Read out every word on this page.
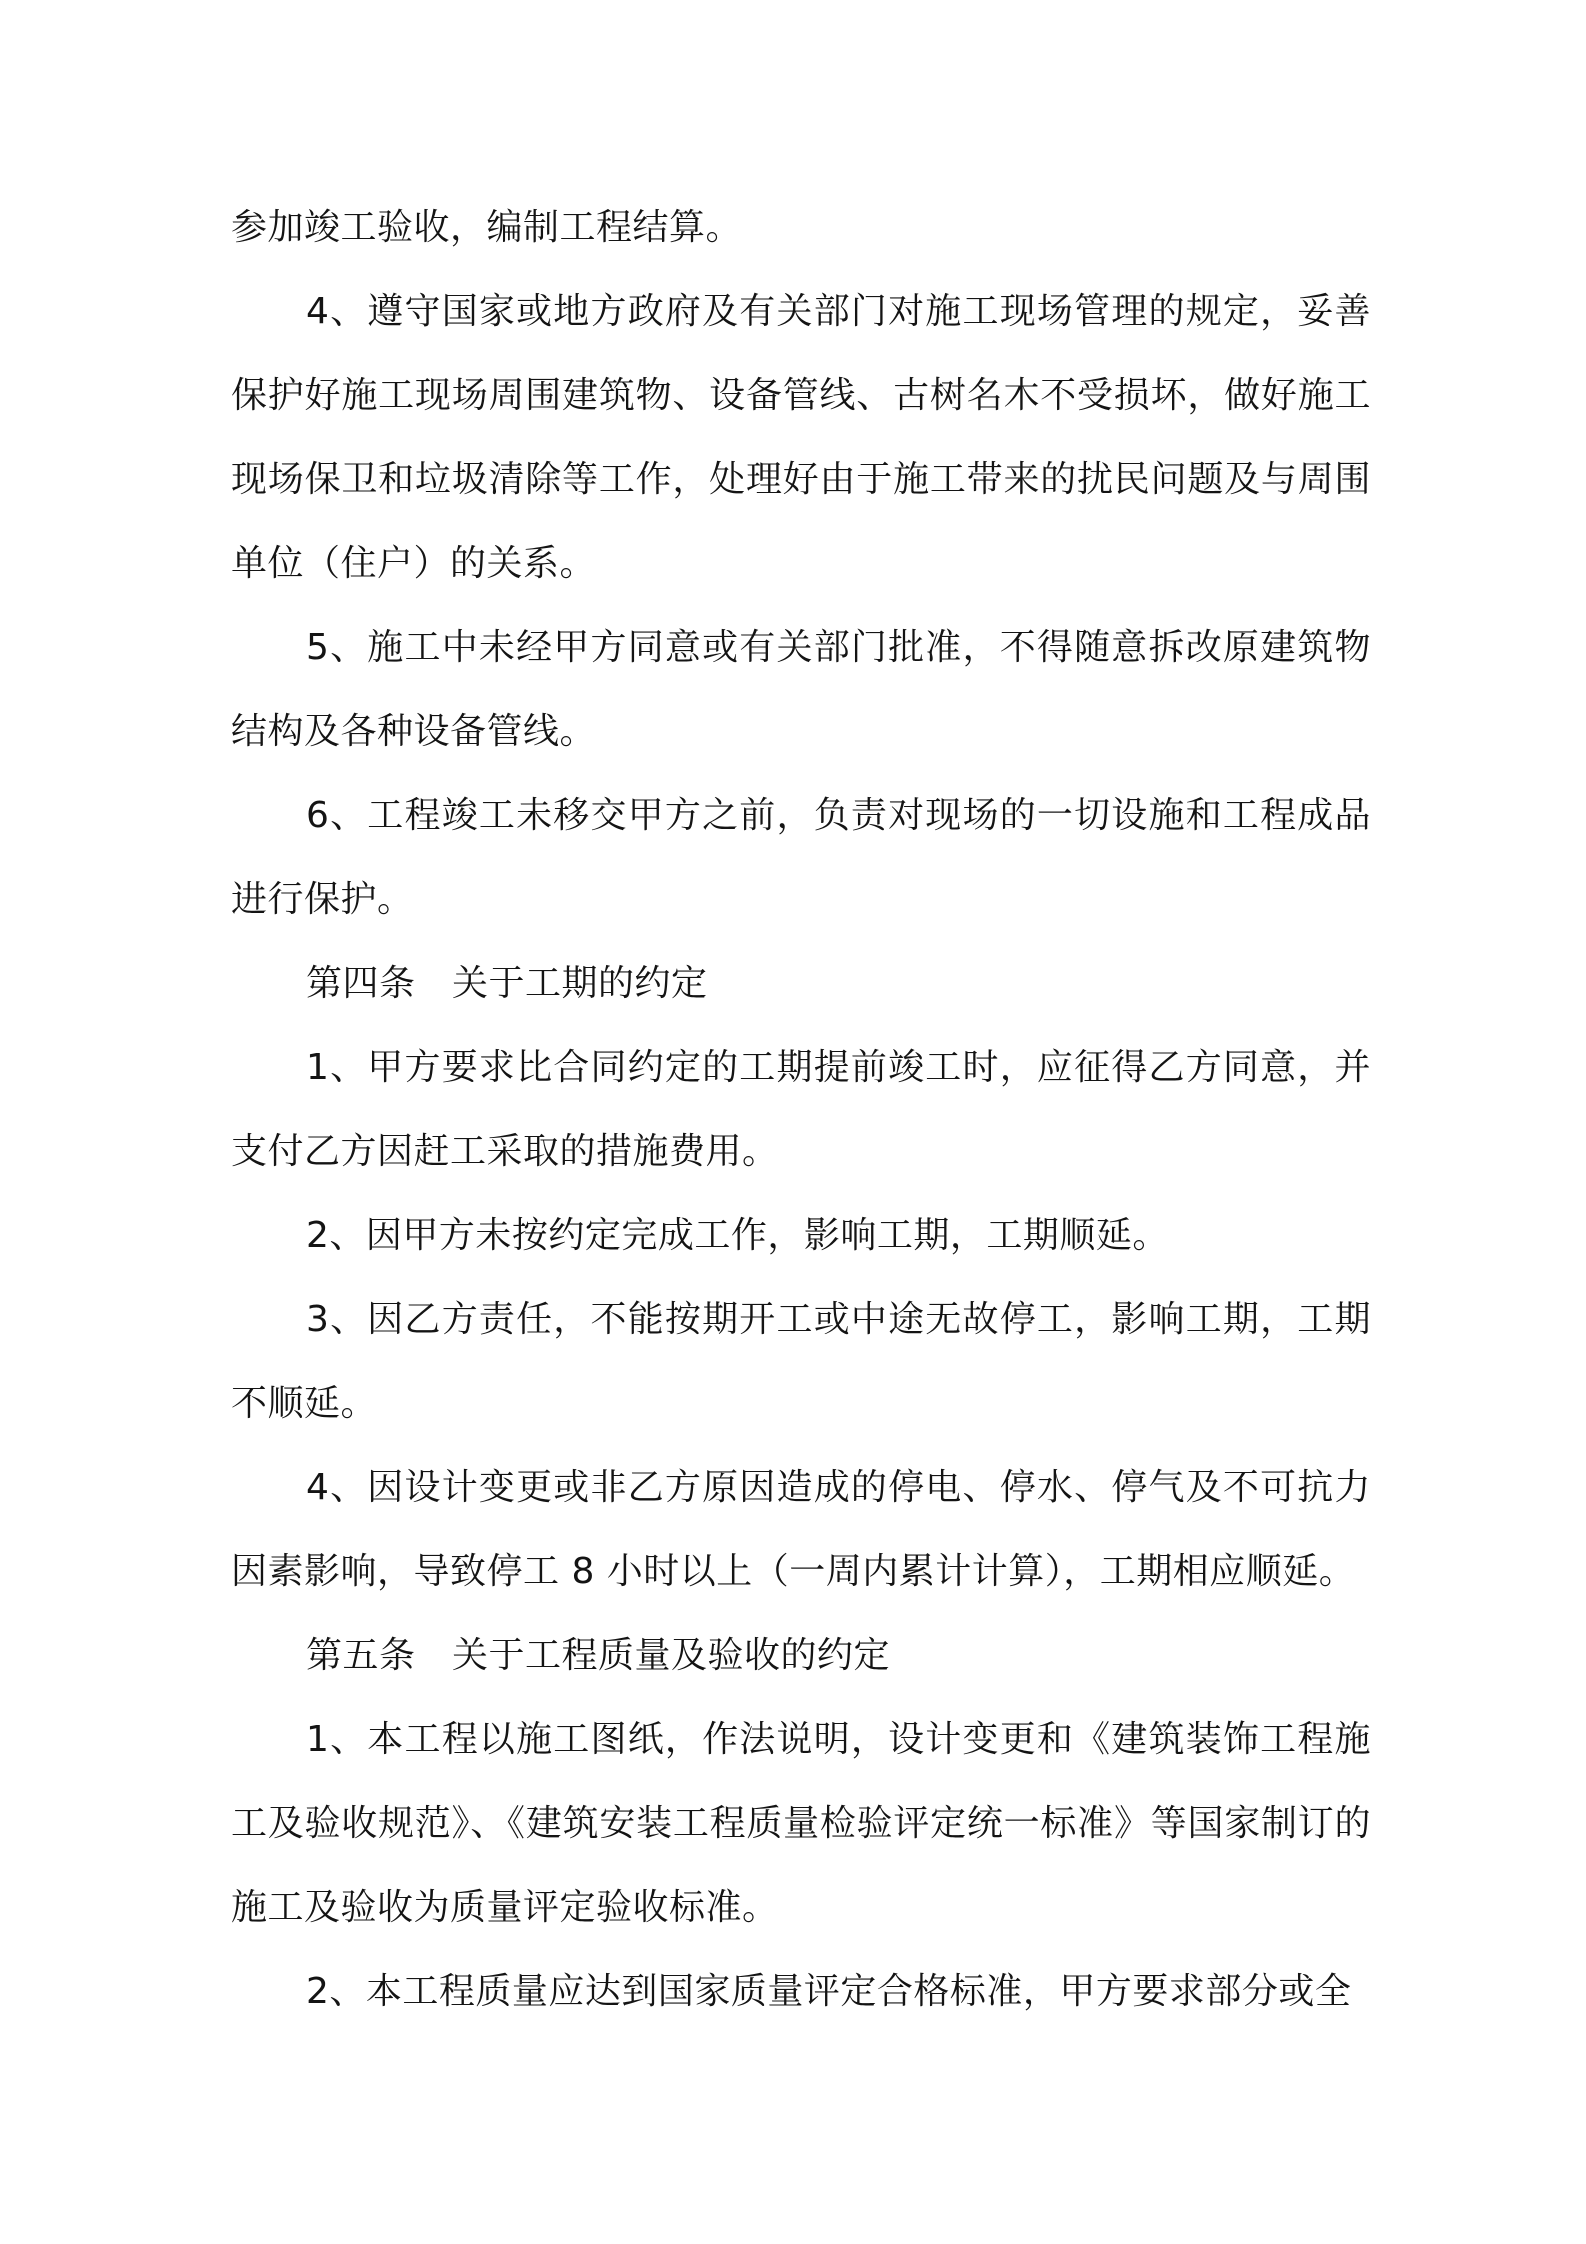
参加竣工验收，编制工程结算。

4、遵守国家或地方政府及有关部门对施工现场管理的规定，妥善保护好施工现场周围建筑物、设备管线、古树名木不受损坏，做好施工现场保卫和垃圾清除等工作，处理好由于施工带来的扰民问题及与周围单位（住户）的关系。

5、施工中未经甲方同意或有关部门批准，不得随意拆改原建筑物结构及各种设备管线。

6、工程竣工未移交甲方之前，负责对现场的一切设施和工程成品进行保护。

第四条　关于工期的约定

1、甲方要求比合同约定的工期提前竣工时，应征得乙方同意，并支付乙方因赶工采取的措施费用。

2、因甲方未按约定完成工作，影响工期，工期顺延。

3、因乙方责任，不能按期开工或中途无故停工，影响工期，工期不顺延。

4、因设计变更或非乙方原因造成的停电、停水、停气及不可抗力因素影响，导致停工 8 小时以上（一周内累计计算），工期相应顺延。

第五条　关于工程质量及验收的约定

1、本工程以施工图纸，作法说明，设计变更和《建筑装饰工程施工及验收规范》、《建筑安装工程质量检验评定统一标准》等国家制订的施工及验收为质量评定验收标准。

2、本工程质量应达到国家质量评定合格标准，甲方要求部分或全
